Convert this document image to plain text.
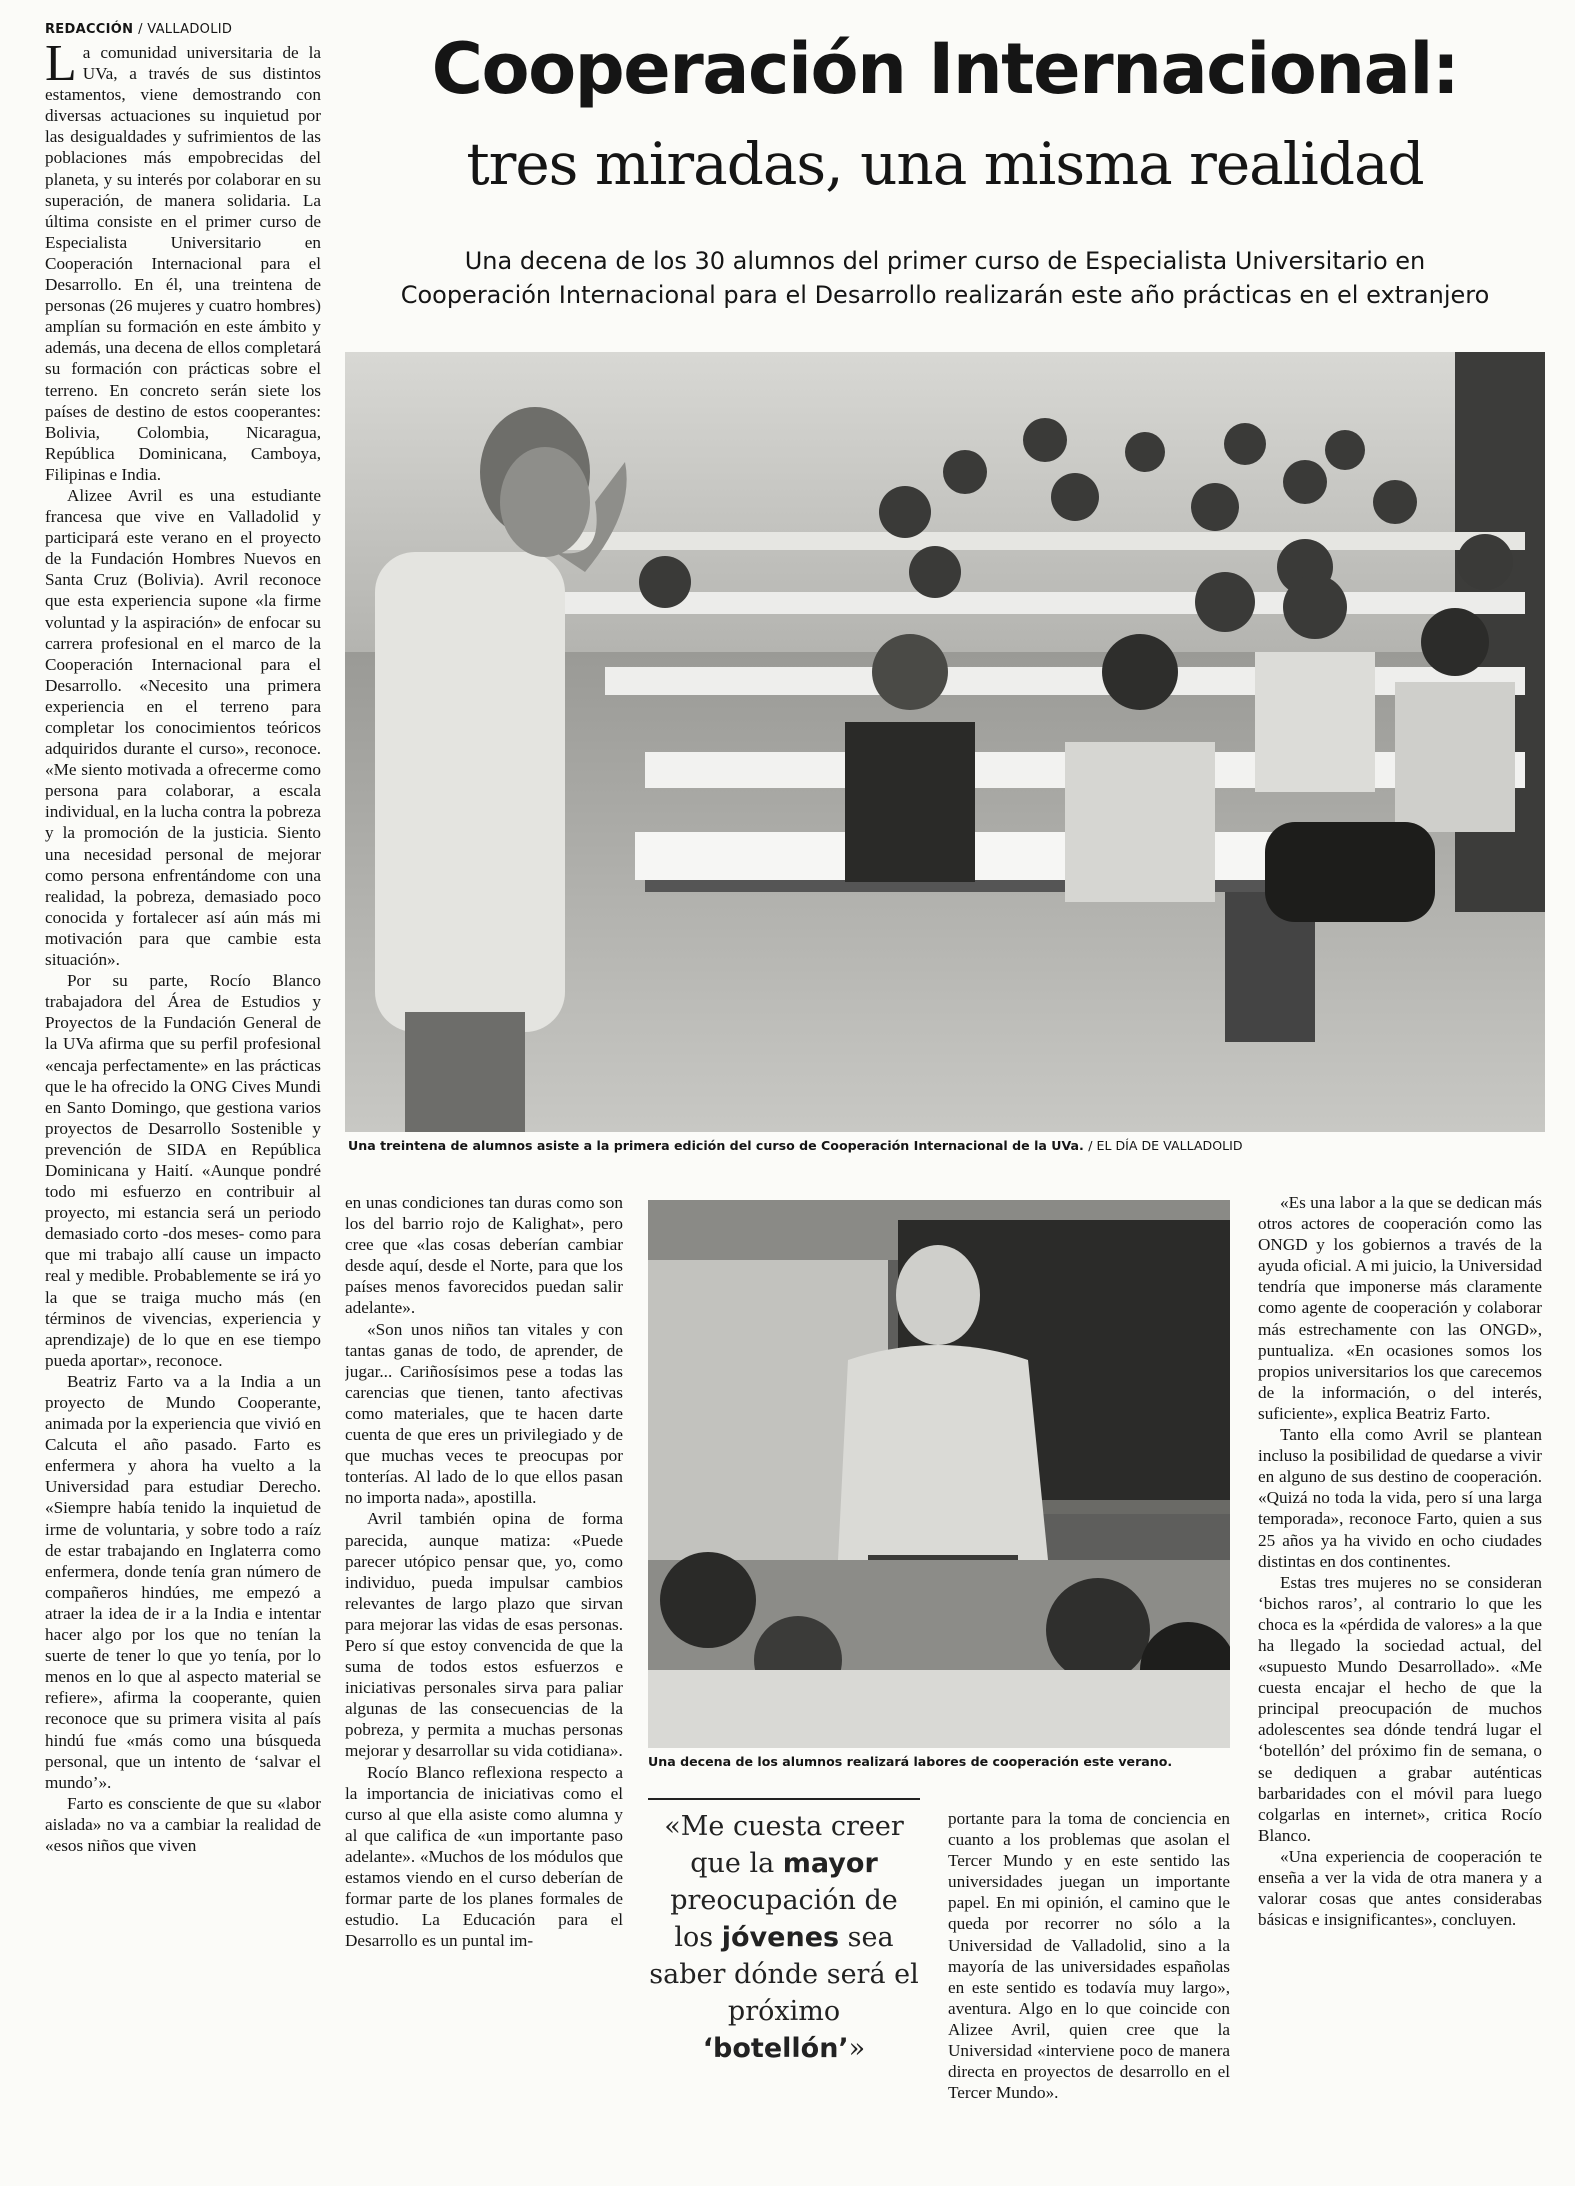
REDACCIÓN / VALLADOLID

La comunidad universitaria de la UVa, a través de sus distintos estamentos, viene demostrando con diversas actuaciones su inquietud por las desigualdades y sufrimientos de las poblaciones más empobrecidas del planeta, y su interés por colaborar en su superación, de manera solidaria. La última consiste en el primer curso de Especialista Universitario en Cooperación Internacional para el Desarrollo. En él, una treintena de personas (26 mujeres y cuatro hombres) amplían su formación en este ámbito y además, una decena de ellos completará su formación con prácticas sobre el terreno. En concreto serán siete los países de destino de estos cooperantes: Bolivia, Colombia, Nicaragua, República Dominicana, Camboya, Filipinas e India.

Alizee Avril es una estudiante francesa que vive en Valladolid y participará este verano en el proyecto de la Fundación Hombres Nuevos en Santa Cruz (Bolivia). Avril reconoce que esta experiencia supone «la firme voluntad y la aspiración» de enfocar su carrera profesional en el marco de la Cooperación Internacional para el Desarrollo. «Necesito una primera experiencia en el terreno para completar los conocimientos teóricos adquiridos durante el curso», reconoce. «Me siento motivada a ofrecerme como persona para colaborar, a escala individual, en la lucha contra la pobreza y la promoción de la justicia. Siento una necesidad personal de mejorar como persona enfrentándome con una realidad, la pobreza, demasiado poco conocida y fortalecer así aún más mi motivación para que cambie esta situación».

Por su parte, Rocío Blanco trabajadora del Área de Estudios y Proyectos de la Fundación General de la UVa afirma que su perfil profesional «encaja perfectamente» en las prácticas que le ha ofrecido la ONG Cives Mundi en Santo Domingo, que gestiona varios proyectos de Desarrollo Sostenible y prevención de SIDA en República Dominicana y Haití. «Aunque pondré todo mi esfuerzo en contribuir al proyecto, mi estancia será un periodo demasiado corto -dos meses- como para que mi trabajo allí cause un impacto real y medible. Probablemente se irá yo la que se traiga mucho más (en términos de vivencias, experiencia y aprendizaje) de lo que en ese tiempo pueda aportar», reconoce.

Beatriz Farto va a la India a un proyecto de Mundo Cooperante, animada por la experiencia que vivió en Calcuta el año pasado. Farto es enfermera y ahora ha vuelto a la Universidad para estudiar Derecho. «Siempre había tenido la inquietud de irme de voluntaria, y sobre todo a raíz de estar trabajando en Inglaterra como enfermera, donde tenía gran número de compañeros hindúes, me empezó a atraer la idea de ir a la India e intentar hacer algo por los que no tenían la suerte de tener lo que yo tenía, por lo menos en lo que al aspecto material se refiere», afirma la cooperante, quien reconoce que su primera visita al país hindú fue «más como una búsqueda personal, que un intento de ‘salvar el mundo’».

Farto es consciente de que su «labor aislada» no va a cambiar la realidad de «esos niños que viven

Cooperación Internacional:
tres miradas, una misma realidad
Una decena de los 30 alumnos del primer curso de Especialista Universitario en
Cooperación Internacional para el Desarrollo realizarán este año prácticas en el extranjero
Una treintena de alumnos asiste a la primera edición del curso de Cooperación Internacional de la UVa. / EL DÍA DE VALLADOLID

en unas condiciones tan duras como son los del barrio rojo de Kalighat», pero cree que «las cosas deberían cambiar desde aquí, desde el Norte, para que los países menos favorecidos puedan salir adelante».

«Son unos niños tan vitales y con tantas ganas de todo, de aprender, de jugar... Cariñosísimos pese a todas las carencias que tienen, tanto afectivas como materiales, que te hacen darte cuenta de que eres un privilegiado y de que muchas veces te preocupas por tonterías. Al lado de lo que ellos pasan no importa nada», apostilla.

Avril también opina de forma parecida, aunque matiza: «Puede parecer utópico pensar que, yo, como individuo, pueda impulsar cambios relevantes de largo plazo que sirvan para mejorar las vidas de esas personas. Pero sí que estoy convencida de que la suma de todos estos esfuerzos e iniciativas personales sirva para paliar algunas de las consecuencias de la pobreza, y permita a muchas personas mejorar y desarrollar su vida cotidiana».

Rocío Blanco reflexiona respecto a la importancia de iniciativas como el curso al que ella asiste como alumna y al que califica de «un importante paso adelante». «Muchos de los módulos que estamos viendo en el curso deberían de formar parte de los planes formales de estudio. La Educación para el Desarrollo es un puntal im-

Una decena de los alumnos realizará labores de cooperación este verano.
«Me cuesta creer que la mayor preocupación de los jóvenes sea saber dónde será el próximo ‘botellón’»

portante para la toma de conciencia en cuanto a los problemas que asolan el Tercer Mundo y en este sentido las universidades juegan un importante papel. En mi opinión, el camino que le queda por recorrer no sólo a la Universidad de Valladolid, sino a la mayoría de las universidades españolas en este sentido es todavía muy largo», aventura. Algo en lo que coincide con Alizee Avril, quien cree que la Universidad «interviene poco de manera directa en proyectos de desarrollo en el Tercer Mundo».

«Es una labor a la que se dedican más otros actores de cooperación como las ONGD y los gobiernos a través de la ayuda oficial. A mi juicio, la Universidad tendría que imponerse más claramente como agente de cooperación y colaborar más estrechamente con las ONGD», puntualiza. «En ocasiones somos los propios universitarios los que carecemos de la información, o del interés, suficiente», explica Beatriz Farto.

Tanto ella como Avril se plantean incluso la posibilidad de quedarse a vivir en alguno de sus destino de cooperación. «Quizá no toda la vida, pero sí una larga temporada», reconoce Farto, quien a sus 25 años ya ha vivido en ocho ciudades distintas en dos continentes.

Estas tres mujeres no se consideran ‘bichos raros’, al contrario lo que les choca es la «pérdida de valores» a la que ha llegado la sociedad actual, del «supuesto Mundo Desarrollado». «Me cuesta encajar el hecho de que la principal preocupación de muchos adolescentes sea dónde tendrá lugar el ‘botellón’ del próximo fin de semana, o se dediquen a grabar auténticas barbaridades con el móvil para luego colgarlas en internet», critica Rocío Blanco.

«Una experiencia de cooperación te enseña a ver la vida de otra manera y a valorar cosas que antes considerabas básicas e insignificantes», concluyen.
